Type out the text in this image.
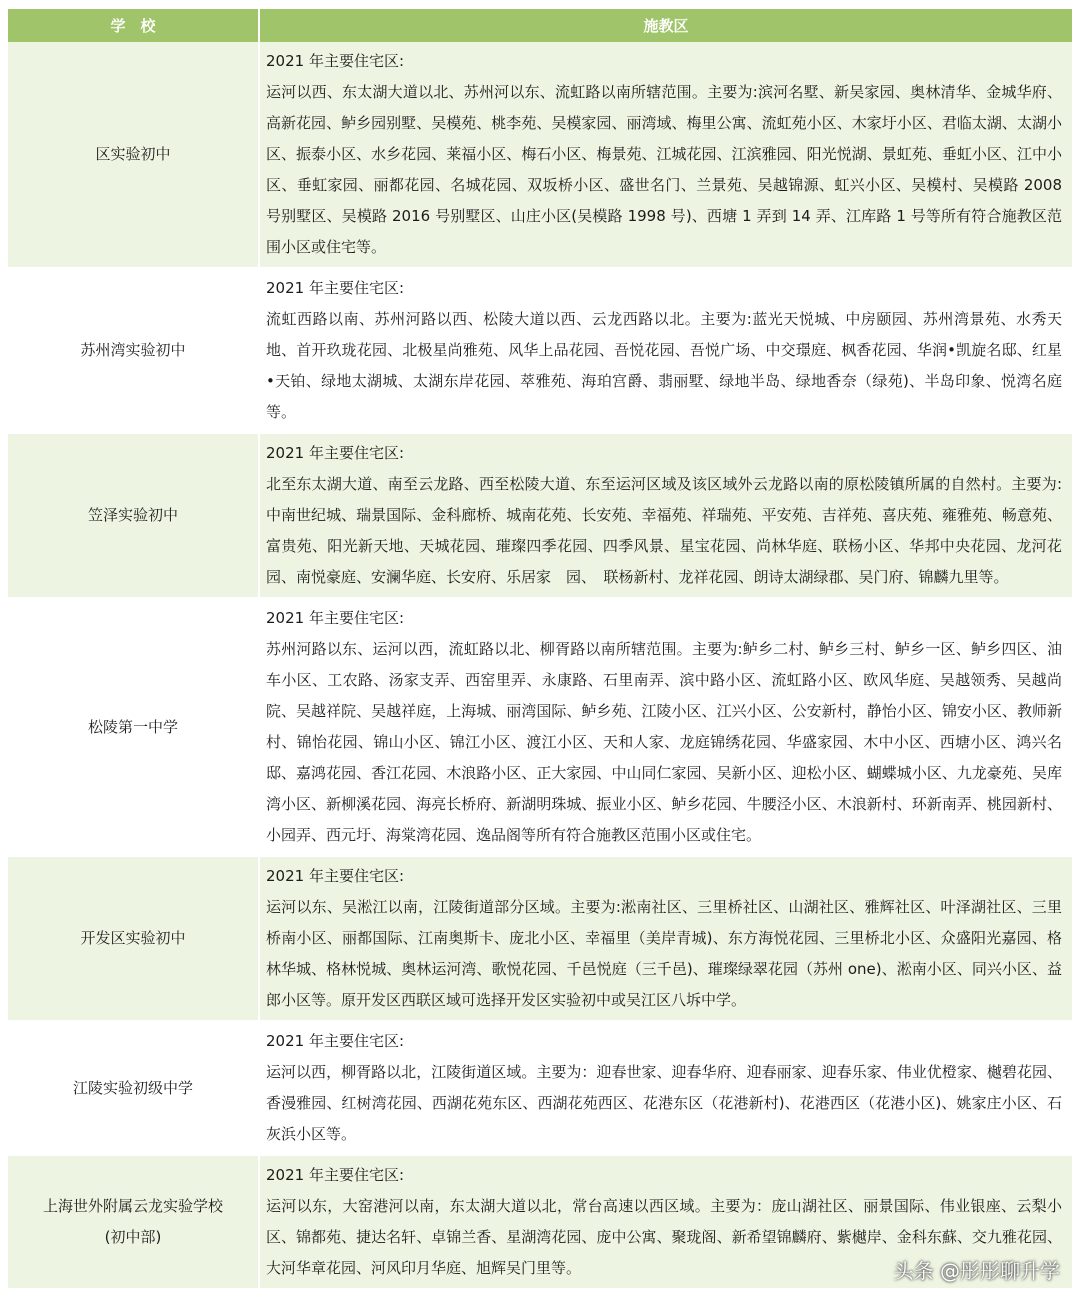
学　校	施教区
区实验初中	2021 年主要住宅区:
运河以西、东太湖大道以北、苏州河以东、流虹路以南所辖范围。主要为:滨河名墅、新吴家园、奥林清华、金城华府、高新花园、鲈乡园别墅、吴模苑、桃李苑、吴模家园、丽湾域、梅里公寓、流虹苑小区、木家圩小区、君临太湖、太湖小区、振泰小区、水乡花园、莱福小区、梅石小区、梅景苑、江城花园、江滨雅园、阳光悦湖、景虹苑、垂虹小区、江中小区、垂虹家园、丽都花园、名城花园、双坂桥小区、盛世名门、兰景苑、吴越锦源、虹兴小区、吴模村、吴模路 2008 号别墅区、吴模路 2016 号别墅区、山庄小区(吴模路 1998 号)、西塘 1 弄到 14 弄、江库路 1 号等所有符合施教区范围小区或住宅等。

苏州湾实验初中	2021 年主要住宅区:
流虹西路以南、苏州河路以西、松陵大道以西、云龙西路以北。主要为:蓝光天悦城、中房颐园、苏州湾景苑、水秀天地、首开玖珑花园、北极星尚雅苑、风华上品花园、吾悦花园、吾悦广场、中交璟庭、枫香花园、华润•凯旋名邸、红星•天铂、绿地太湖城、太湖东岸花园、萃雅苑、海珀宫爵、翡丽墅、绿地半岛、绿地香奈（绿苑)、半岛印象、悦湾名庭等。

笠泽实验初中	2021 年主要住宅区:
北至东太湖大道、南至云龙路、西至松陵大道、东至运河区域及该区域外云龙路以南的原松陵镇所属的自然村。主要为:中南世纪城、瑞景国际、金科廊桥、城南花苑、长安苑、幸福苑、祥瑞苑、平安苑、吉祥苑、喜庆苑、雍雅苑、畅意苑、富贵苑、阳光新天地、天城花园、璀璨四季花园、四季风景、星宝花园、尚林华庭、联杨小区、华邦中央花园、龙河花园、南悦豪庭、安澜华庭、长安府、乐居家　园、　联杨新村、龙祥花园、朗诗太湖绿郡、吴门府、锦麟九里等。

松陵第一中学	2021 年主要住宅区:
苏州河路以东、运河以西，流虹路以北、柳胥路以南所辖范围。主要为:鲈乡二村、鲈乡三村、鲈乡一区、鲈乡四区、油车小区、工农路、汤家支弄、西窑里弄、永康路、石里南弄、滨中路小区、流虹路小区、欧风华庭、吴越领秀、吴越尚院、吴越祥院、吴越祥庭，上海城、丽湾国际、鲈乡苑、江陵小区、江兴小区、公安新村，静怡小区、锦安小区、教师新村、锦怡花园、锦山小区、锦江小区、渡江小区、天和人家、龙庭锦绣花园、华盛家园、木中小区、西塘小区、鸿兴名邸、嘉鸿花园、香江花园、木浪路小区、正大家园、中山同仁家园、吴新小区、迎松小区、蝴蝶城小区、九龙豪苑、吴库湾小区、新柳溪花园、海亮长桥府、新湖明珠城、振业小区、鲈乡花园、牛腰泾小区、木浪新村、环新南弄、桃园新村、小园弄、西元圩、海棠湾花园、逸品阁等所有符合施教区范围小区或住宅。

开发区实验初中	2021 年主要住宅区:
运河以东、吴淞江以南，江陵街道部分区域。主要为:淞南社区、三里桥社区、山湖社区、雅辉社区、叶泽湖社区、三里桥南小区、丽都国际、江南奥斯卡、庞北小区、幸福里（美岸青城)、东方海悦花园、三里桥北小区、众盛阳光嘉园、格林华城、格林悦城、奥林运河湾、歌悦花园、千邑悦庭（三千邑)、璀璨绿翠花园（苏州 one)、淞南小区、同兴小区、益郎小区等。原开发区西联区域可选择开发区实验初中或吴江区八坼中学。

江陵实验初级中学	2021 年主要住宅区:
运河以西，柳胥路以北，江陵街道区域。主要为：迎春世家、迎春华府、迎春丽家、迎春乐家、伟业优橙家、樾碧花园、香漫雅园、红树湾花园、西湖花苑东区、西湖花苑西区、花港东区（花港新村)、花港西区（花港小区)、姚家庄小区、石灰浜小区等。

上海世外附属云龙实验学校
(初中部)	2021 年主要住宅区:
运河以东，大窑港河以南，东太湖大道以北，常台高速以西区域。主要为：庞山湖社区、丽景国际、伟业银座、云梨小区、锦都苑、捷达名轩、卓锦兰香、星湖湾花园、庞中公寓、聚珑阁、新希望锦麟府、紫樾岸、金科东蘇、交九雅花园、大河华章花园、河风印月华庭、旭辉吴门里等。	头条 @彤彤聊升学
